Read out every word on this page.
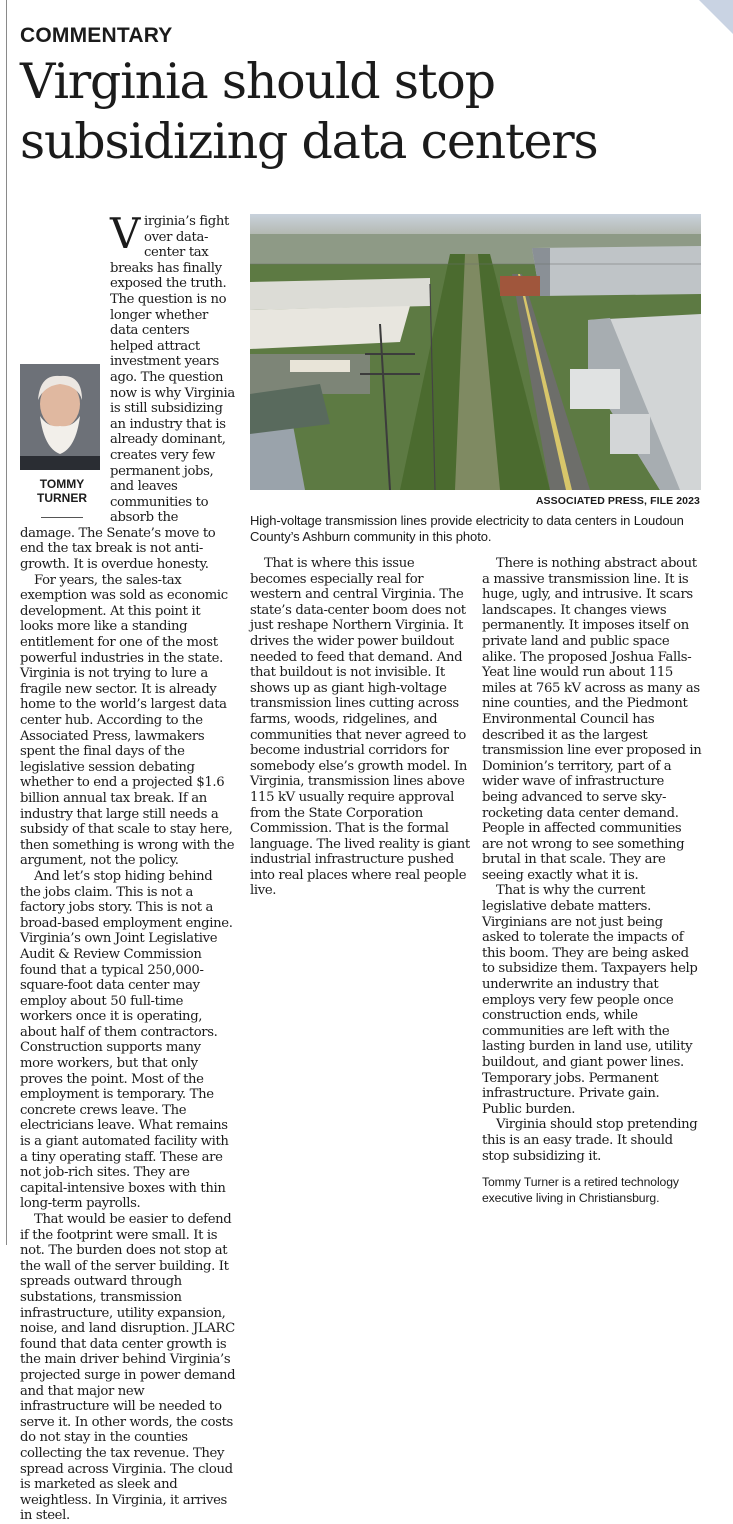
COMMENTARY
Virginia should stop subsidizing data centers
TOMMY TURNER
V irginia’s fight over data-center tax breaks has finally exposed the truth. The question is no longer whether data centers helped attract investment years ago. The question now is why Virginia is still subsidizing an industry that is already dominant, creates very few permanent jobs, and leaves communities to absorb the damage. The Senate’s move to end the tax break is not anti-growth. It is overdue honesty.

For years, the sales-tax exemption was sold as economic development. At this point it looks more like a standing entitlement for one of the most powerful industries in the state. Virginia is not trying to lure a fragile new sector. It is already home to the world’s largest data center hub. According to the Associated Press, lawmakers spent the final days of the legislative session debating whether to end a projected $1.6 billion annual tax break. If an industry that large still needs a subsidy of that scale to stay here, then something is wrong with the argument, not the policy.

And let’s stop hiding behind the jobs claim. This is not a factory jobs story. This is not a broad-based employment engine. Virginia’s own Joint Legislative Audit & Review Commission found that a typical 250,000-square-foot data center may employ about 50 full-time workers once it is operating, about half of them contractors. Construction supports many more workers, but that only proves the point. Most of the employment is temporary. The concrete crews leave. The electricians leave. What remains is a giant automated facility with a tiny operating staff. These are not job-rich sites. They are capital-intensive boxes with thin long-term payrolls.

That would be easier to defend if the footprint were small. It is not. The burden does not stop at the wall of the server building. It spreads outward through substations, transmission infrastructure, utility expansion, noise, and land disruption. JLARC found that data center growth is the main driver behind Virginia’s projected surge in power demand and that major new infrastructure will be needed to serve it. In other words, the costs do not stay in the counties collecting the tax revenue. They spread across Virginia. The cloud is marketed as sleek and weightless. In Virginia, it arrives in steel.

ASSOCIATED PRESS, FILE 2023
High-voltage transmission lines provide electricity to data centers in Loudoun County’s Ashburn community in this photo.

That is where this issue becomes especially real for western and central Virginia. The state’s data-center boom does not just reshape Northern Virginia. It drives the wider power buildout needed to feed that demand. And that buildout is not invisible. It shows up as giant high-voltage transmission lines cutting across farms, woods, ridgelines, and communities that never agreed to become industrial corridors for somebody else’s growth model. In Virginia, transmission lines above 115 kV usually require approval from the State Corporation Commission. That is the formal language. The lived reality is giant industrial infrastructure pushed into real places where real people live.

There is nothing abstract about a massive transmission line. It is huge, ugly, and intrusive. It scars landscapes. It changes views permanently. It imposes itself on private land and public space alike. The proposed Joshua Falls-Yeat line would run about 115 miles at 765 kV across as many as nine counties, and the Piedmont Environmental Council has described it as the largest transmission line ever proposed in Dominion’s territory, part of a wider wave of infrastructure being advanced to serve sky-rocketing data center demand. People in affected communities are not wrong to see something brutal in that scale. They are seeing exactly what it is.

That is why the current legislative debate matters. Virginians are not just being asked to tolerate the impacts of this boom. They are being asked to subsidize them. Taxpayers help underwrite an industry that employs very few people once construction ends, while communities are left with the lasting burden in land use, utility buildout, and giant power lines. Temporary jobs. Permanent infrastructure. Private gain. Public burden.

Virginia should stop pretending this is an easy trade. It should stop subsidizing it.

Tommy Turner is a retired technology executive living in Christiansburg.
